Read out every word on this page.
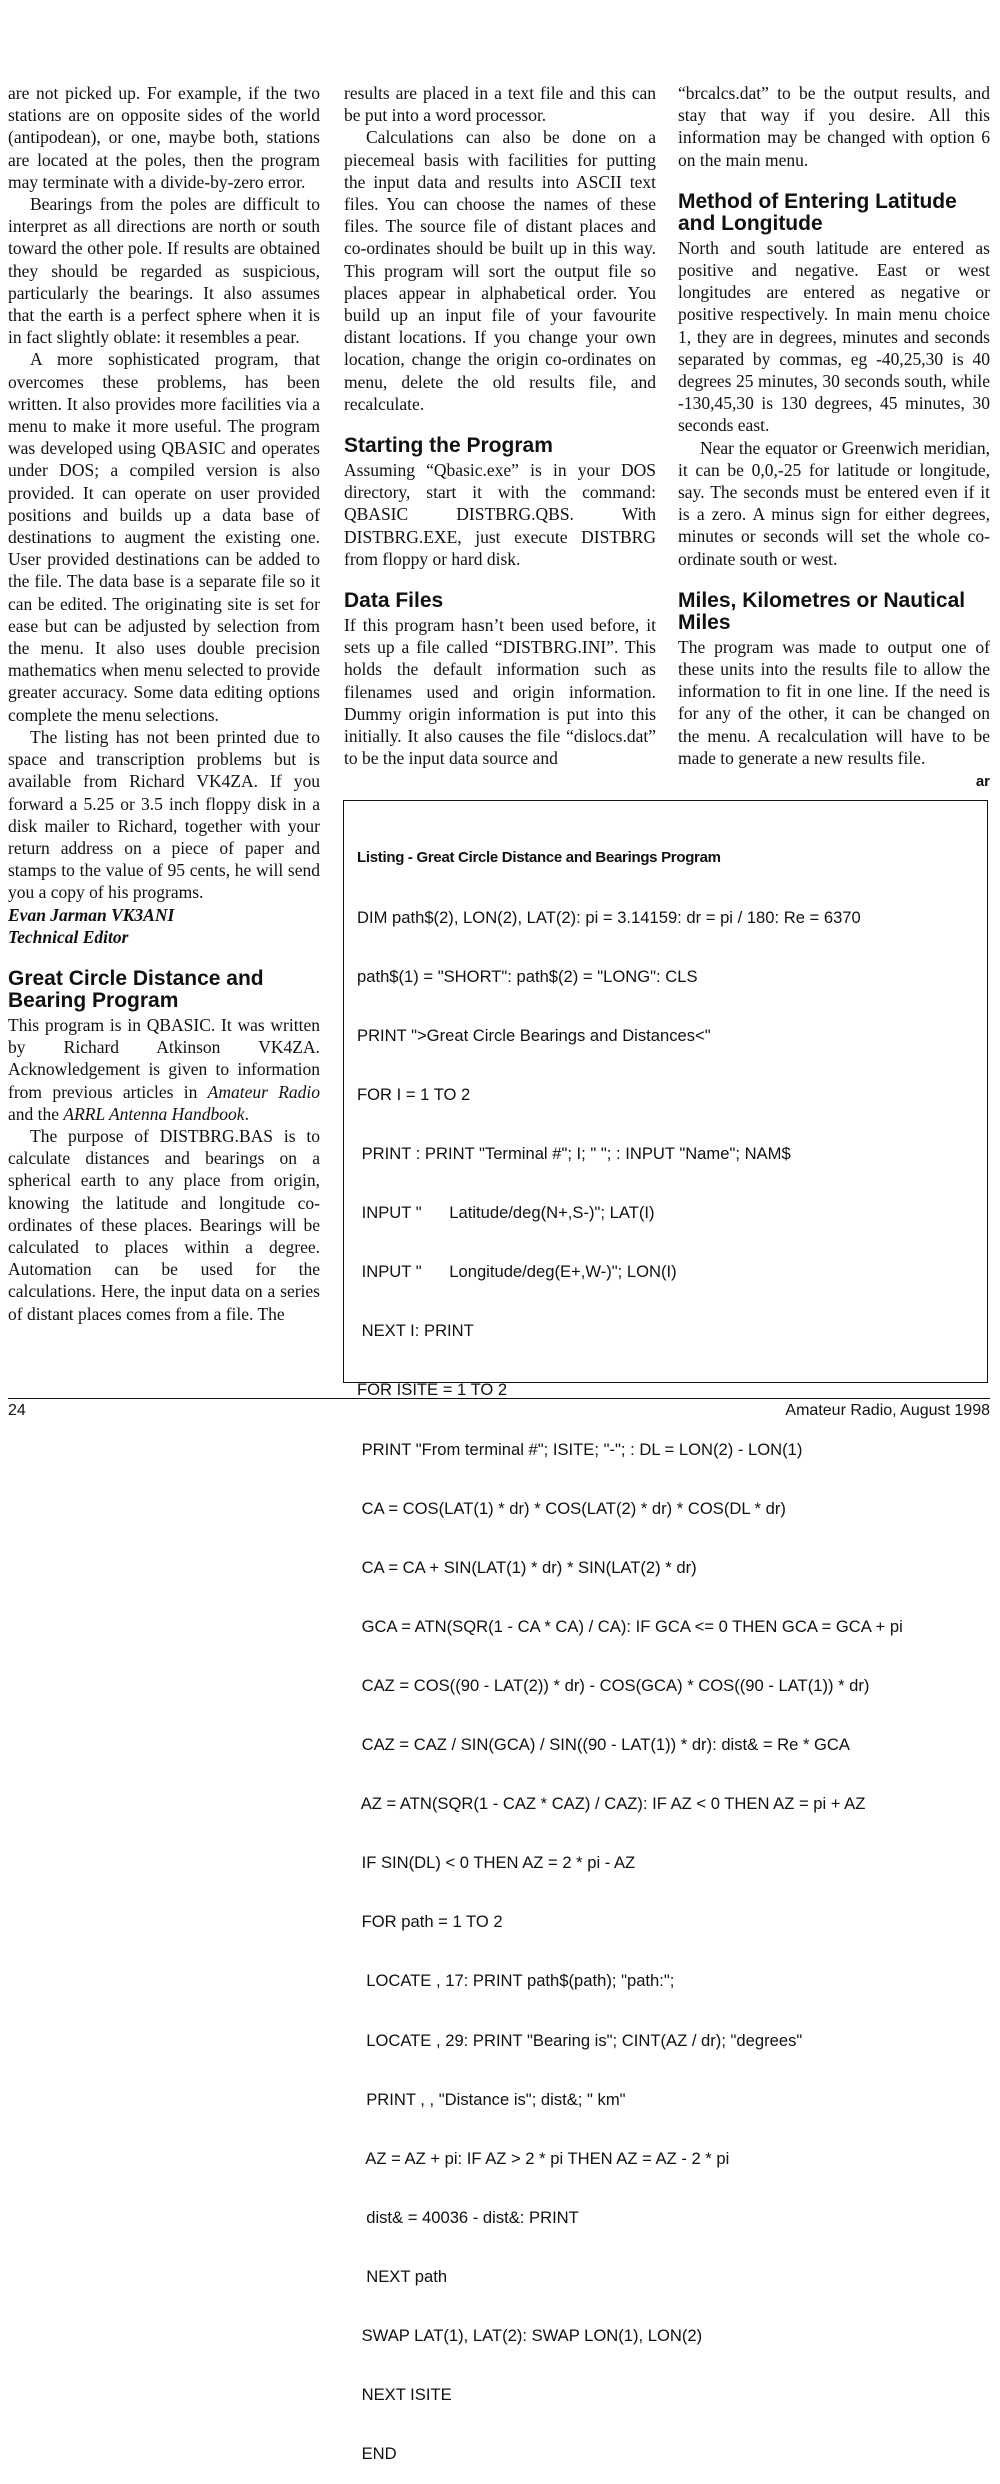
are not picked up. For example, if the two stations are on opposite sides of the world (antipodean), or one, maybe both, stations are located at the poles, then the program may terminate with a divide-by-zero error.

Bearings from the poles are difficult to interpret as all directions are north or south toward the other pole. If results are obtained they should be regarded as suspicious, particularly the bearings. It also assumes that the earth is a perfect sphere when it is in fact slightly oblate: it resembles a pear.

A more sophisticated program, that overcomes these problems, has been written. It also provides more facilities via a menu to make it more useful. The program was developed using QBASIC and operates under DOS; a compiled version is also provided. It can operate on user provided positions and builds up a data base of destinations to augment the existing one. User provided destinations can be added to the file. The data base is a separate file so it can be edited. The originating site is set for ease but can be adjusted by selection from the menu. It also uses double precision mathematics when menu selected to provide greater accuracy. Some data editing options complete the menu selections.

The listing has not been printed due to space and transcription problems but is available from Richard VK4ZA. If you forward a 5.25 or 3.5 inch floppy disk in a disk mailer to Richard, together with your return address on a piece of paper and stamps to the value of 95 cents, he will send you a copy of his programs.

Evan Jarman VK3ANI

Technical Editor

Great Circle Distance and Bearing Program

This program is in QBASIC. It was written by Richard Atkinson VK4ZA. Acknowledgement is given to information from previous articles in Amateur Radio and the ARRL Antenna Handbook.

The purpose of DISTBRG.BAS is to calculate distances and bearings on a spherical earth to any place from origin, knowing the latitude and longitude co-ordinates of these places. Bearings will be calculated to places within a degree. Automation can be used for the calculations. Here, the input data on a series of distant places comes from a file. The

results are placed in a text file and this can be put into a word processor.

Calculations can also be done on a piecemeal basis with facilities for putting the input data and results into ASCII text files. You can choose the names of these files. The source file of distant places and co-ordinates should be built up in this way. This program will sort the output file so places appear in alphabetical order. You build up an input file of your favourite distant locations. If you change your own location, change the origin co-ordinates on menu, delete the old results file, and recalculate.

Starting the Program

Assuming “Qbasic.exe” is in your DOS directory, start it with the command: QBASIC DISTBRG.QBS. With DISTBRG.EXE, just execute DISTBRG from floppy or hard disk.

Data Files

If this program hasn’t been used before, it sets up a file called “DISTBRG.INI”. This holds the default information such as filenames used and origin information. Dummy origin information is put into this initially. It also causes the file “dislocs.dat” to be the input data source and

“brcalcs.dat” to be the output results, and stay that way if you desire. All this information may be changed with option 6 on the main menu.

Method of Entering Latitude and Longitude

North and south latitude are entered as positive and negative. East or west longitudes are entered as negative or positive respectively. In main menu choice 1, they are in degrees, minutes and seconds separated by commas, eg -40,25,30 is 40 degrees 25 minutes, 30 seconds south, while -130,45,30 is 130 degrees, 45 minutes, 30 seconds east.

Near the equator or Greenwich meridian, it can be 0,0,-25 for latitude or longitude, say. The seconds must be entered even if it is a zero. A minus sign for either degrees, minutes or seconds will set the whole co-ordinate south or west.

Miles, Kilometres or Nautical Miles

The program was made to output one of these units into the results file to allow the information to fit in one line. If the need is for any of the other, it can be changed on the menu. A recalculation will have to be made to generate a new results file.

ar

Listing - Great Circle Distance and Bearings Program

DIM path$(2), LON(2), LAT(2): pi = 3.14159: dr = pi / 180: Re = 6370

path$(1) = "SHORT": path$(2) = "LONG": CLS

PRINT ">Great Circle Bearings and Distances<"

FOR I = 1 TO 2

PRINT : PRINT "Terminal #"; I; " "; : INPUT "Name"; NAM$

INPUT "      Latitude/deg(N+,S-)"; LAT(I)

INPUT "      Longitude/deg(E+,W-)"; LON(I)

NEXT I: PRINT

FOR ISITE = 1 TO 2

PRINT "From terminal #"; ISITE; "-"; : DL = LON(2) - LON(1)

CA = COS(LAT(1) * dr) * COS(LAT(2) * dr) * COS(DL * dr)

CA = CA + SIN(LAT(1) * dr) * SIN(LAT(2) * dr)

GCA = ATN(SQR(1 - CA * CA) / CA): IF GCA <= 0 THEN GCA = GCA + pi

CAZ = COS((90 - LAT(2)) * dr) - COS(GCA) * COS((90 - LAT(1)) * dr)

CAZ = CAZ / SIN(GCA) / SIN((90 - LAT(1)) * dr): dist& = Re * GCA

AZ = ATN(SQR(1 - CAZ * CAZ) / CAZ): IF AZ < 0 THEN AZ = pi + AZ

IF SIN(DL) < 0 THEN AZ = 2 * pi - AZ

FOR path = 1 TO 2

LOCATE , 17: PRINT path$(path); "path:";

LOCATE , 29: PRINT "Bearing is"; CINT(AZ / dr); "degrees"

PRINT , , "Distance is"; dist&; " km"

AZ = AZ + pi: IF AZ > 2 * pi THEN AZ = AZ - 2 * pi

dist& = 40036 - dist&: PRINT

NEXT path

SWAP LAT(1), LAT(2): SWAP LON(1), LON(2)

NEXT ISITE

END

24	Amateur Radio, August 1998
